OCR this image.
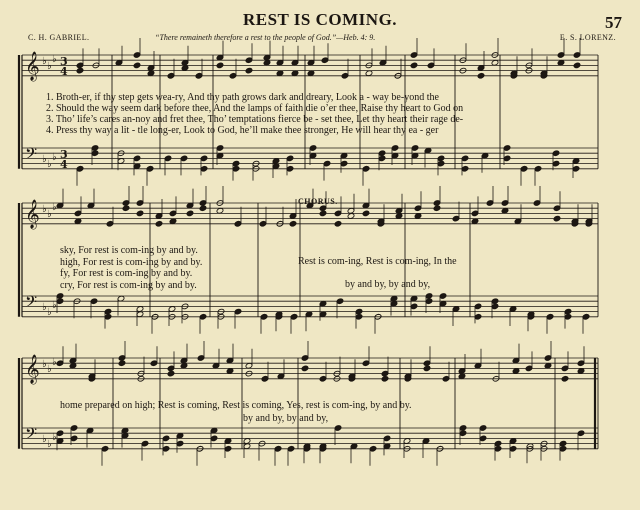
REST IS COMING.	57
C. H. GABRIEL.	“There remaineth therefore a rest to the people of God.”—Heb. 4: 9.	E. S. LORENZ.
𝄞 ♭ ♭
♭
𝄢 ♭ ♭
♭
𝄞 ♭ ♭
♭
𝄢 ♭ ♭
♭
𝄞 ♭ ♭
♭
𝄢 ♭ ♭
♭
3
4
3
4
1. Broth-er, if thy step gets wea-ry, And thy path grows dark and dreary, Look a - way be-yond the
2. Should the way seem dark before thee, And the lamps of faith die o’er thee, Raise thy heart to God on
3. Tho’ life’s cares an-noy and fret thee, Tho’ temptations fierce be - set thee, Let thy heart their rage de-
4. Press thy way a lit - tle long-er, Look to God, he’ll make thee stronger, He will hear thy ea - ger
CHORUS.
sky, For rest is com-ing by and by.
high, For rest is com-ing by and by.
fy, For rest is com-ing by and by.
cry, For rest is com-ing by and by.
Rest is com-ing, Rest is com-ing, In the
by and by, by and by,
home prepared on high; Rest is coming, Rest is coming, Yes, rest is com-ing, by and by.
by and by, by and by,
